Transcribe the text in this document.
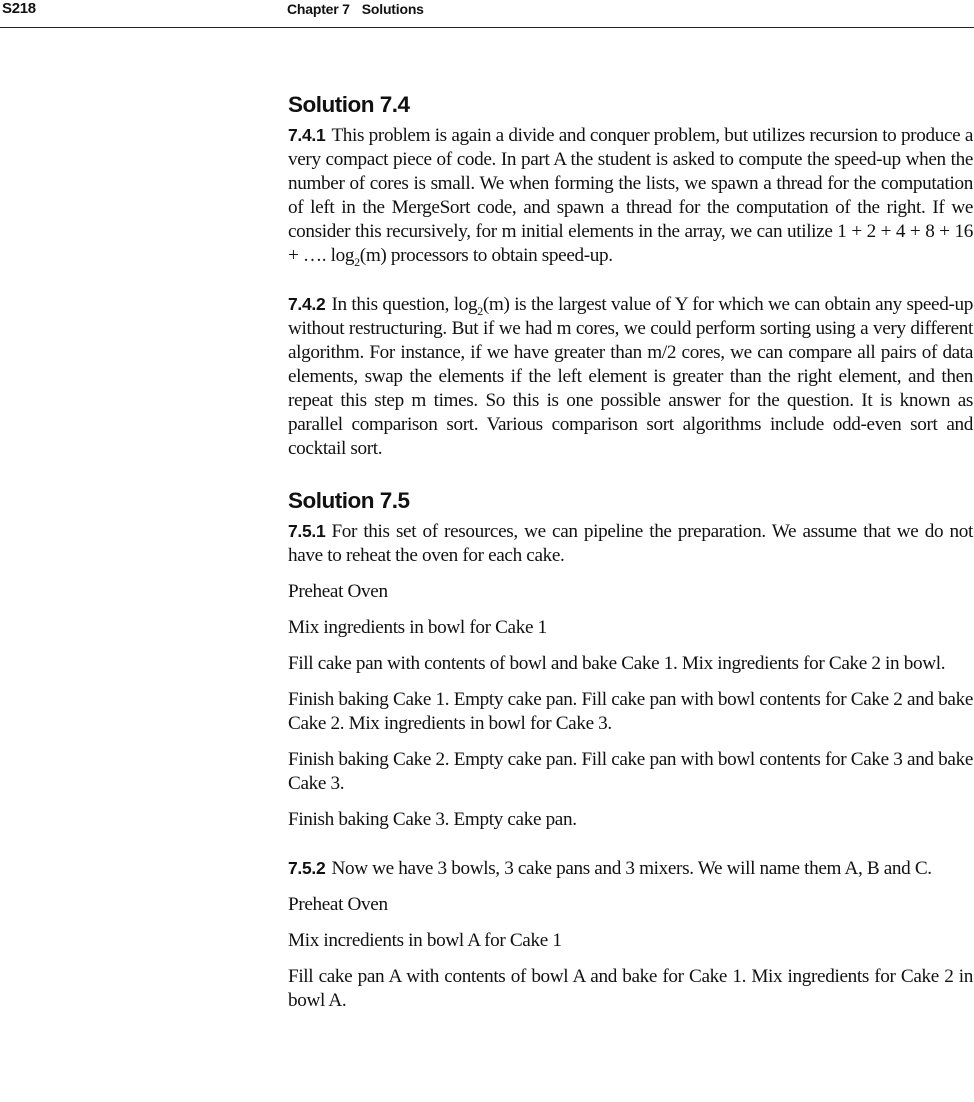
S218	Chapter 7 Solutions
Solution 7.4

7.4.1 This problem is again a divide and conquer problem, but utilizes recursion to produce a very compact piece of code. In part A the student is asked to compute the speed-up when the number of cores is small. We when forming the lists, we spawn a thread for the computation of left in the MergeSort code, and spawn a thread for the computation of the right. If we consider this recursively, for m initial elements in the array, we can utilize 1 + 2 + 4 + 8 + 16 + …. $\log_2(m)$ processors to obtain speed-up.

7.4.2 In this question, $\log_2(m)$ is the largest value of Y for which we can obtain any speed-up without restructuring. But if we had m cores, we could perform sorting using a very different algorithm. For instance, if we have greater than m/2 cores, we can compare all pairs of data elements, swap the elements if the left element is greater than the right element, and then repeat this step m times. So this is one possible answer for the question. It is known as parallel comparison sort. Various comparison sort algorithms include odd-even sort and cocktail sort.

Solution 7.5

7.5.1 For this set of resources, we can pipeline the preparation. We assume that we do not have to reheat the oven for each cake.

Preheat Oven

Mix ingredients in bowl for Cake 1

Fill cake pan with contents of bowl and bake Cake 1. Mix ingredients for Cake 2 in bowl.

Finish baking Cake 1. Empty cake pan. Fill cake pan with bowl contents for Cake 2 and bake Cake 2. Mix ingredients in bowl for Cake 3.

Finish baking Cake 2. Empty cake pan. Fill cake pan with bowl contents for Cake 3 and bake Cake 3.

Finish baking Cake 3. Empty cake pan.

7.5.2 Now we have 3 bowls, 3 cake pans and 3 mixers. We will name them A, B and C.

Preheat Oven

Mix incredients in bowl A for Cake 1

Fill cake pan A with contents of bowl A and bake for Cake 1. Mix ingredients for Cake 2 in bowl A.
